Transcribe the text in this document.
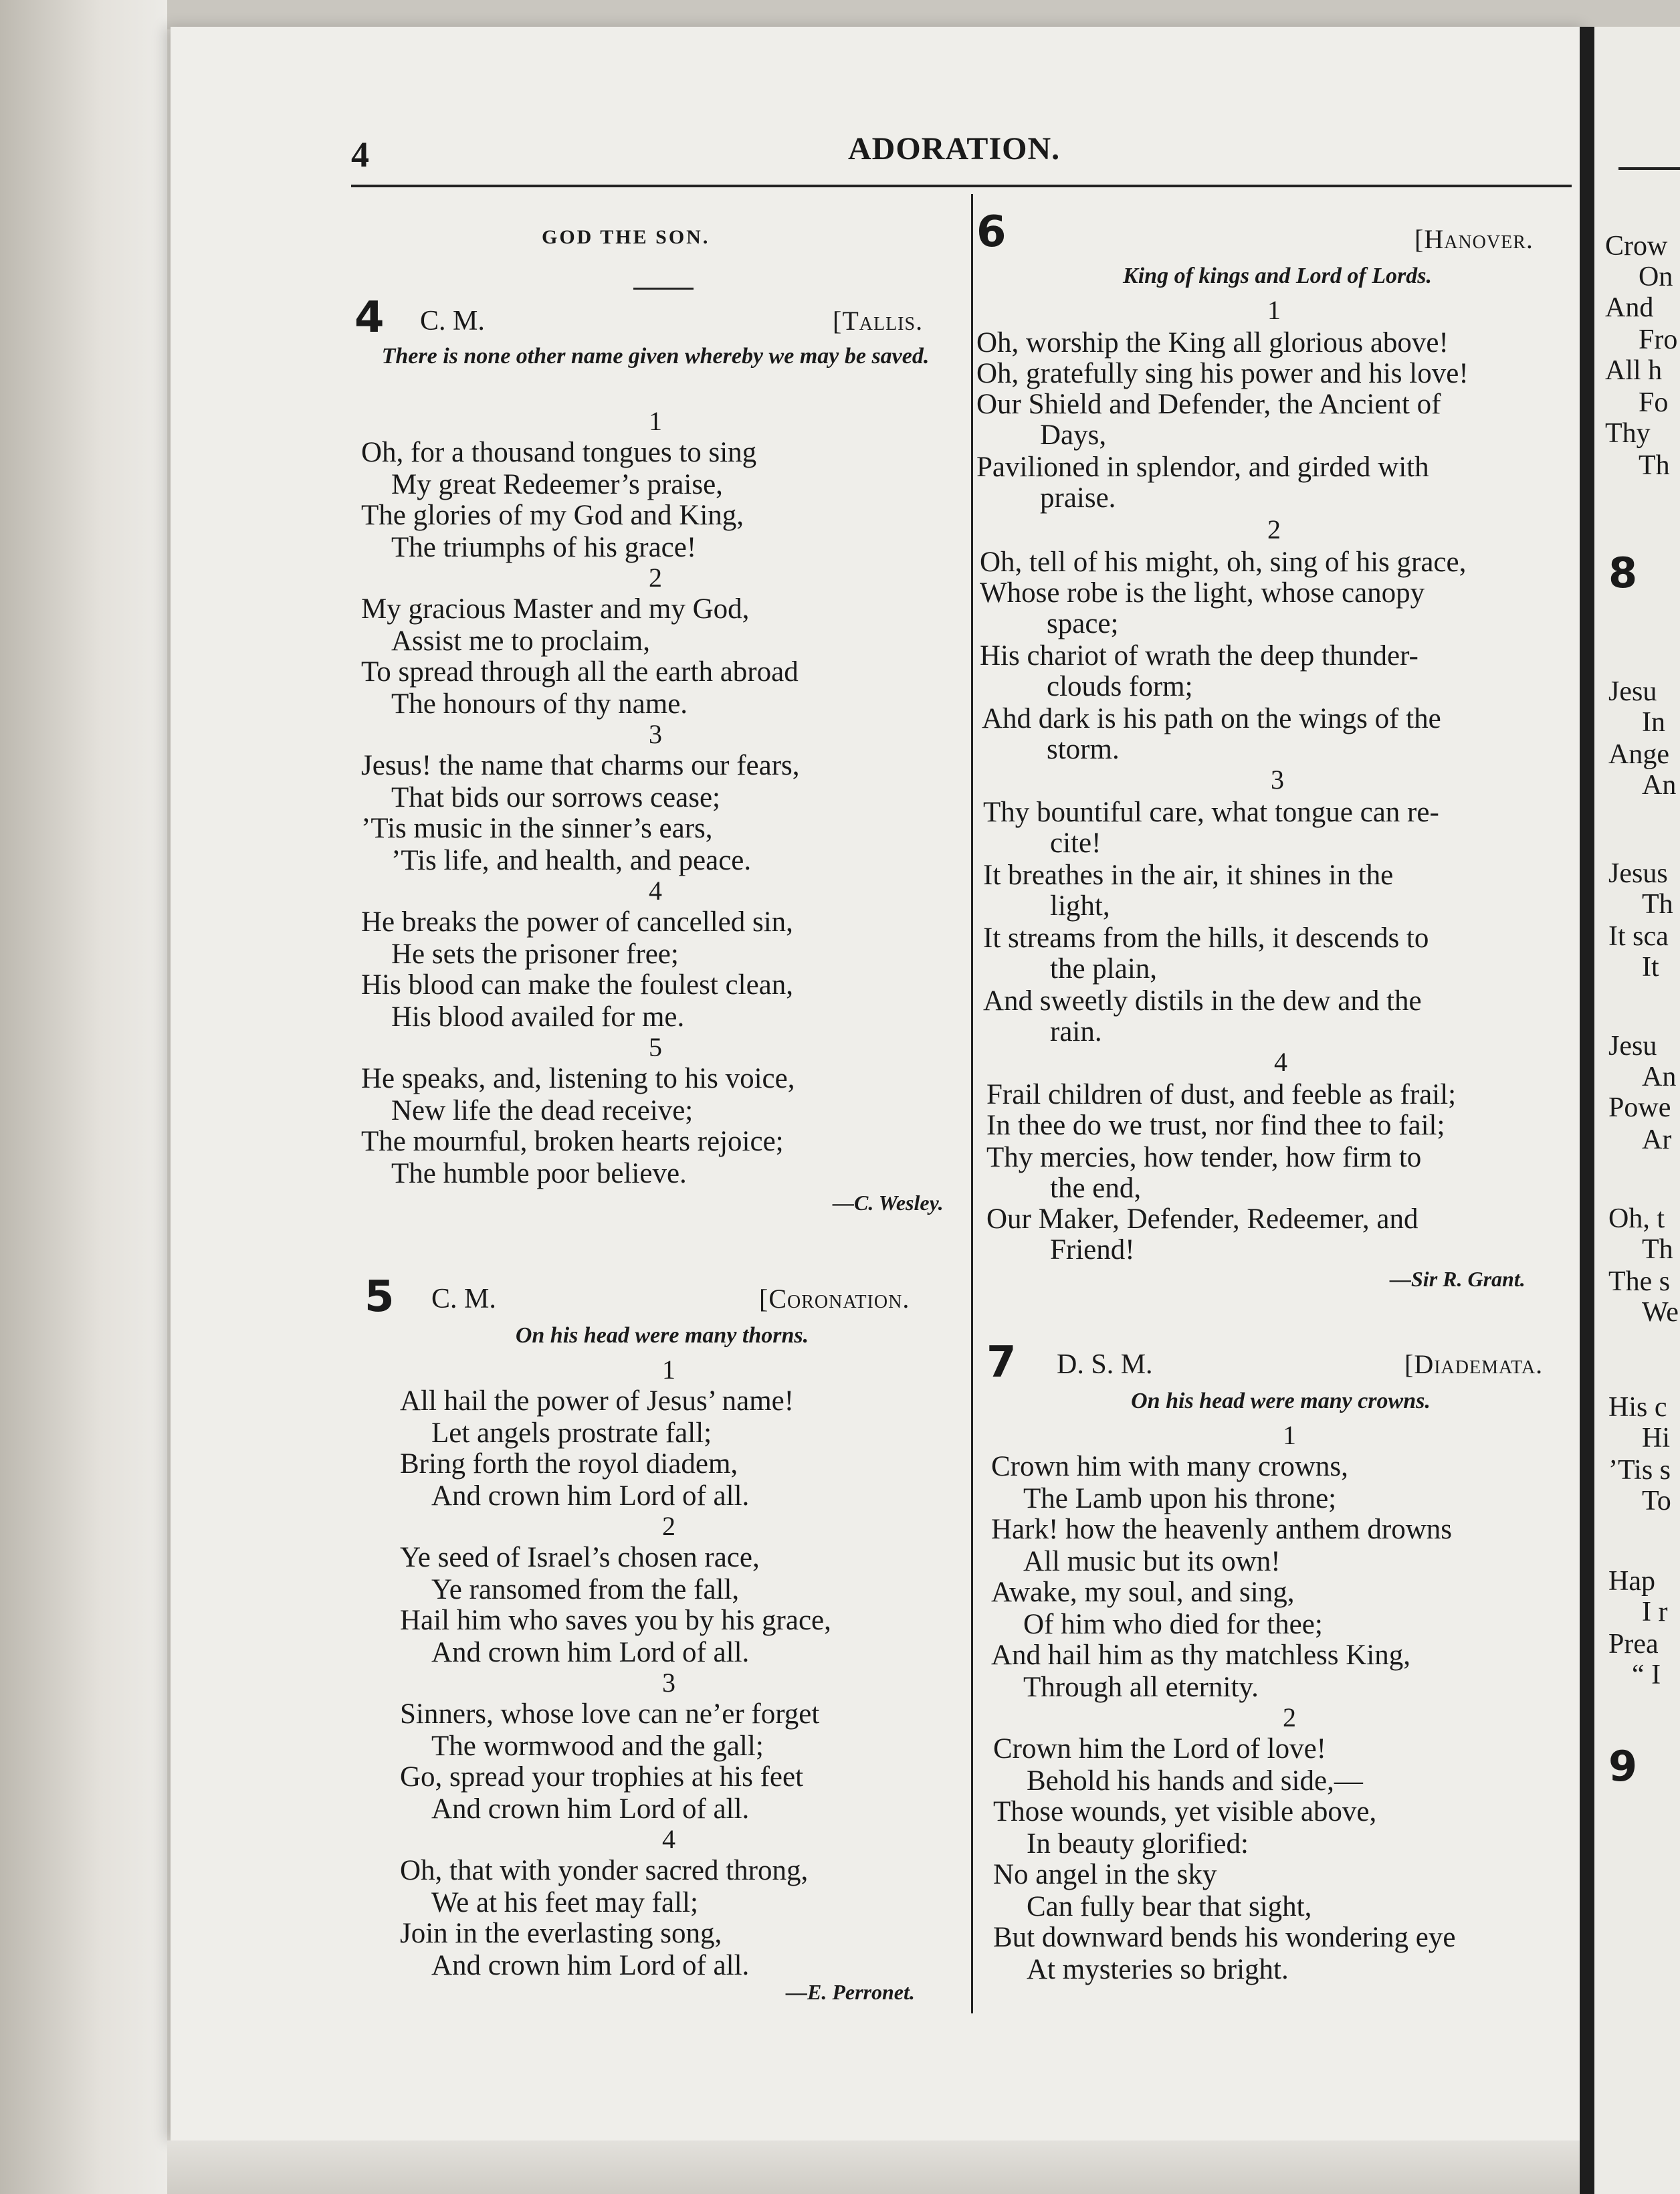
4	ADORATION.
GOD THE SON.
4 C. M.	[Tallis.
There is none other name given whereby we may be saved.
1
Oh, for a thousand tongues to sing
My great Redeemer’s praise,
The glories of my God and King,
The triumphs of his grace!
2
My gracious Master and my God,
Assist me to proclaim,
To spread through all the earth abroad
The honours of thy name.
3
Jesus! the name that charms our fears,
That bids our sorrows cease;
’Tis music in the sinner’s ears,
’Tis life, and health, and peace.
4
He breaks the power of cancelled sin,
He sets the prisoner free;
His blood can make the foulest clean,
His blood availed for me.
5
He speaks, and, listening to his voice,
New life the dead receive;
The mournful, broken hearts rejoice;
The humble poor believe.
—C. Wesley.
5 C. M.	[Coronation.
On his head were many thorns.
1
All hail the power of Jesus’ name!
Let angels prostrate fall;
Bring forth the royol diadem,
And crown him Lord of all.
2
Ye seed of Israel’s chosen race,
Ye ransomed from the fall,
Hail him who saves you by his grace,
And crown him Lord of all.
3
Sinners, whose love can ne’er forget
The wormwood and the gall;
Go, spread your trophies at his feet
And crown him Lord of all.
4
Oh, that with yonder sacred throng,
We at his feet may fall;
Join in the everlasting song,
And crown him Lord of all.
—E. Perronet.
6	[Hanover.
King of kings and Lord of Lords.
1
Oh, worship the King all glorious above!
Oh, gratefully sing his power and his love!
Our Shield and Defender, the Ancient of
Days,
Pavilioned in splendor, and girded with
praise.
2
Oh, tell of his might, oh, sing of his grace,
Whose robe is the light, whose canopy
space;
His chariot of wrath the deep thunder-
clouds form;
Ahd dark is his path on the wings of the
storm.
3
Thy bountiful care, what tongue can re-
cite!
It breathes in the air, it shines in the
light,
It streams from the hills, it descends to
the plain,
And sweetly distils in the dew and the
rain.
4
Frail children of dust, and feeble as frail;
In thee do we trust, nor find thee to fail;
Thy mercies, how tender, how firm to
the end,
Our Maker, Defender, Redeemer, and
Friend!
—Sir R. Grant.
7 D. S. M.	[Diademata.
On his head were many crowns.
1
Crown him with many crowns,
The Lamb upon his throne;
Hark! how the heavenly anthem drowns
All music but its own!
Awake, my soul, and sing,
Of him who died for thee;
And hail him as thy matchless King,
Through all eternity.
2
Crown him the Lord of love!
Behold his hands and side,—
Those wounds, yet visible above,
In beauty glorified:
No angel in the sky
Can fully bear that sight,
But downward bends his wondering eye
At mysteries so bright.
Crow
On
And
Fro
All h
Fo
Thy
Th
8
Jesu
In
Ange
An
Jesus
Th
It sca
It
Jesu
An
Powe
Ar
Oh, t
Th
The s
We
His c
Hi
’Tis s
To
Hap
I r
Prea
“ I
9
